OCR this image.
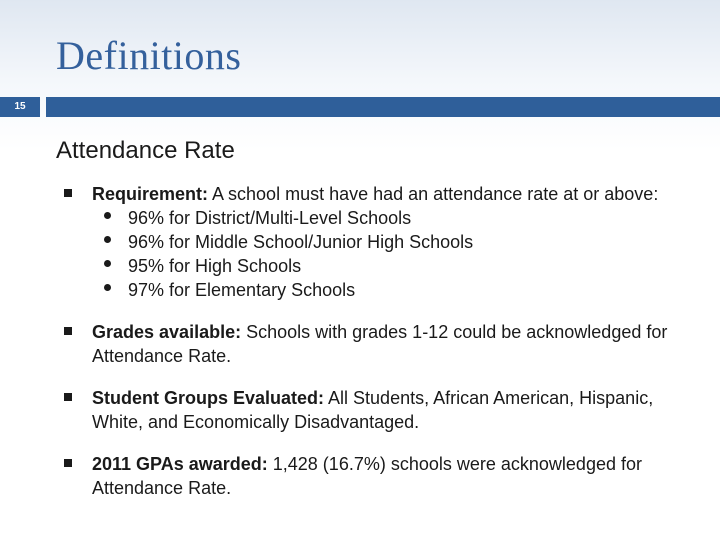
Definitions
15
Attendance Rate
Requirement: A school must have had an attendance rate at or above:
96% for District/Multi-Level Schools
96% for Middle School/Junior High Schools
95% for High Schools
97% for Elementary Schools
Grades available: Schools with grades 1-12 could be acknowledged for Attendance Rate.
Student Groups Evaluated: All Students, African American, Hispanic, White, and Economically Disadvantaged.
2011 GPAs awarded: 1,428 (16.7%) schools were acknowledged for Attendance Rate.
